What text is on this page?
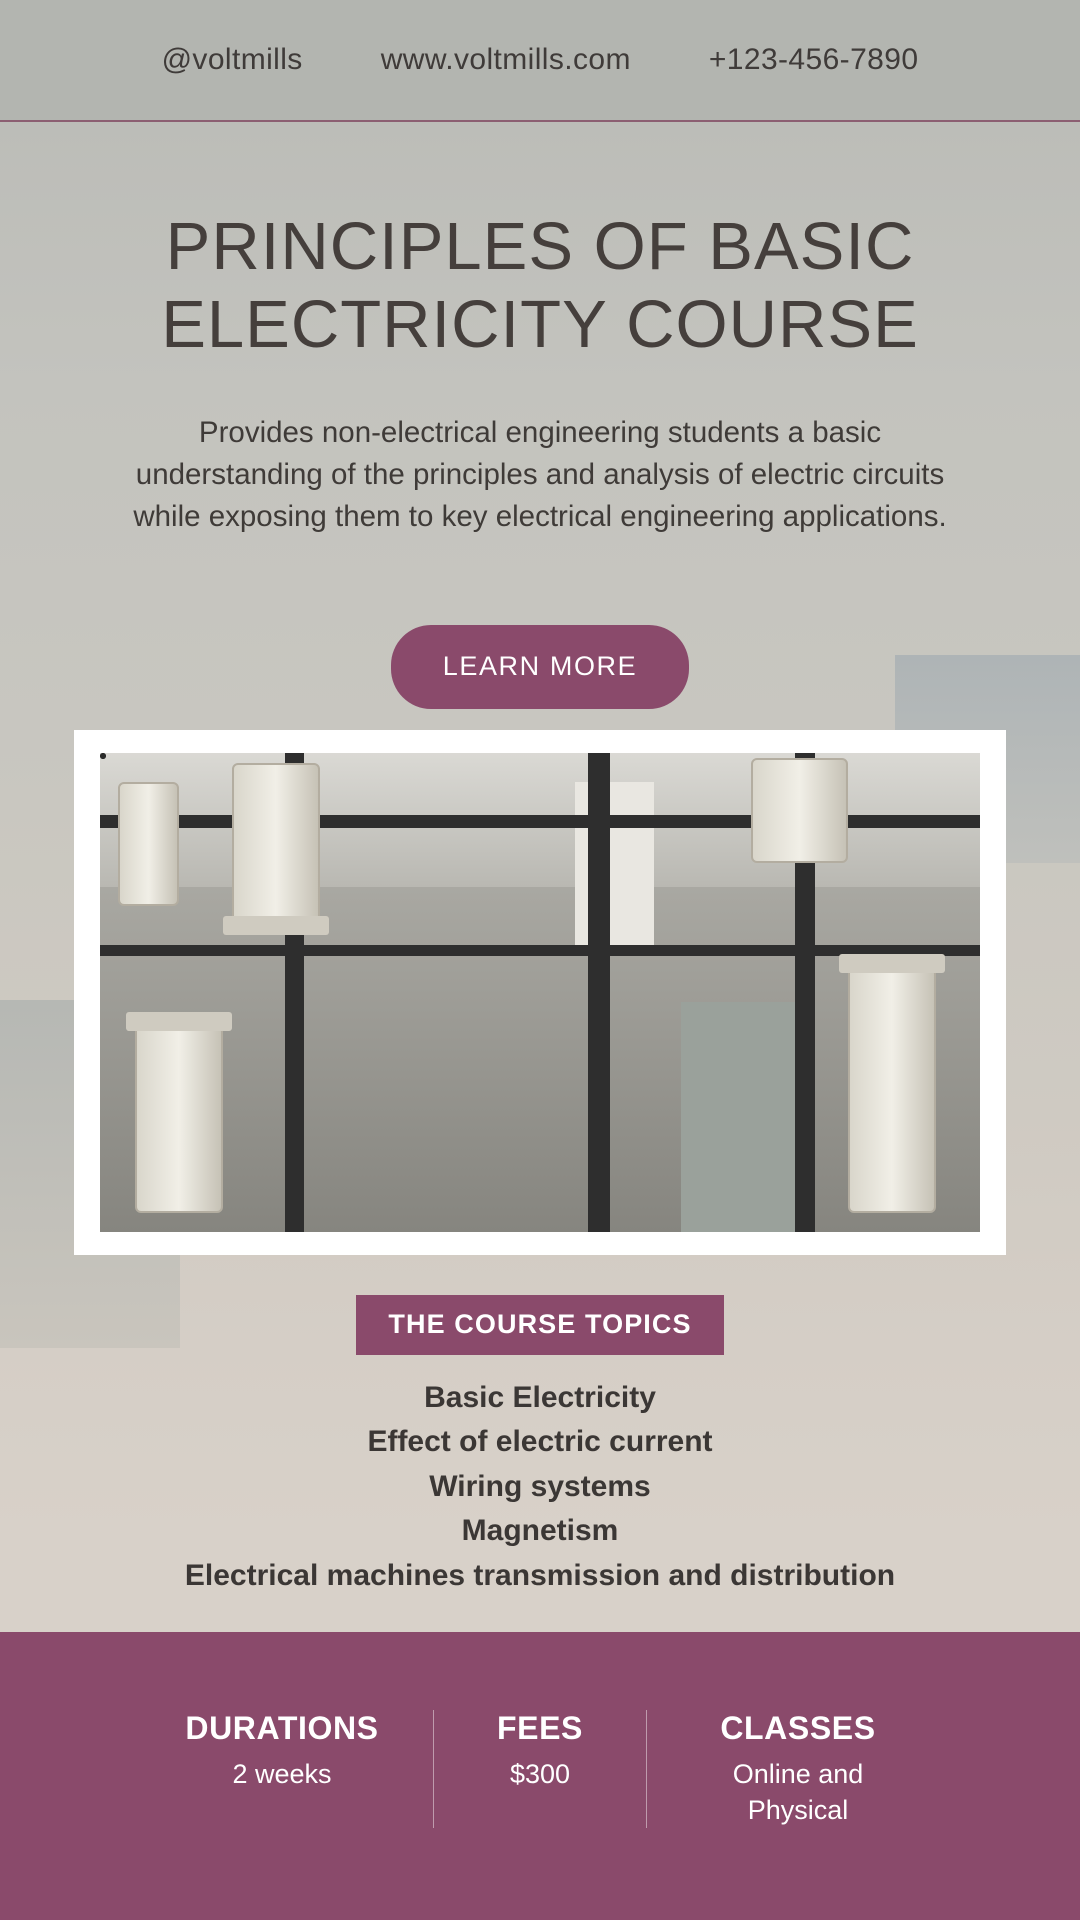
@voltmills	www.voltmills.com	+123-456-7890
PRINCIPLES OF BASIC ELECTRICITY COURSE

Provides non-electrical engineering students a basic understanding of the principles and analysis of electric circuits while exposing them to key electrical engineering applications.

LEARN MORE
THE COURSE TOPICS
Basic Electricity
Effect of electric current
Wiring systems
Magnetism
Electrical machines transmission and distribution
DURATIONS
2 weeks
FEES
$300
CLASSES
Online and Physical
